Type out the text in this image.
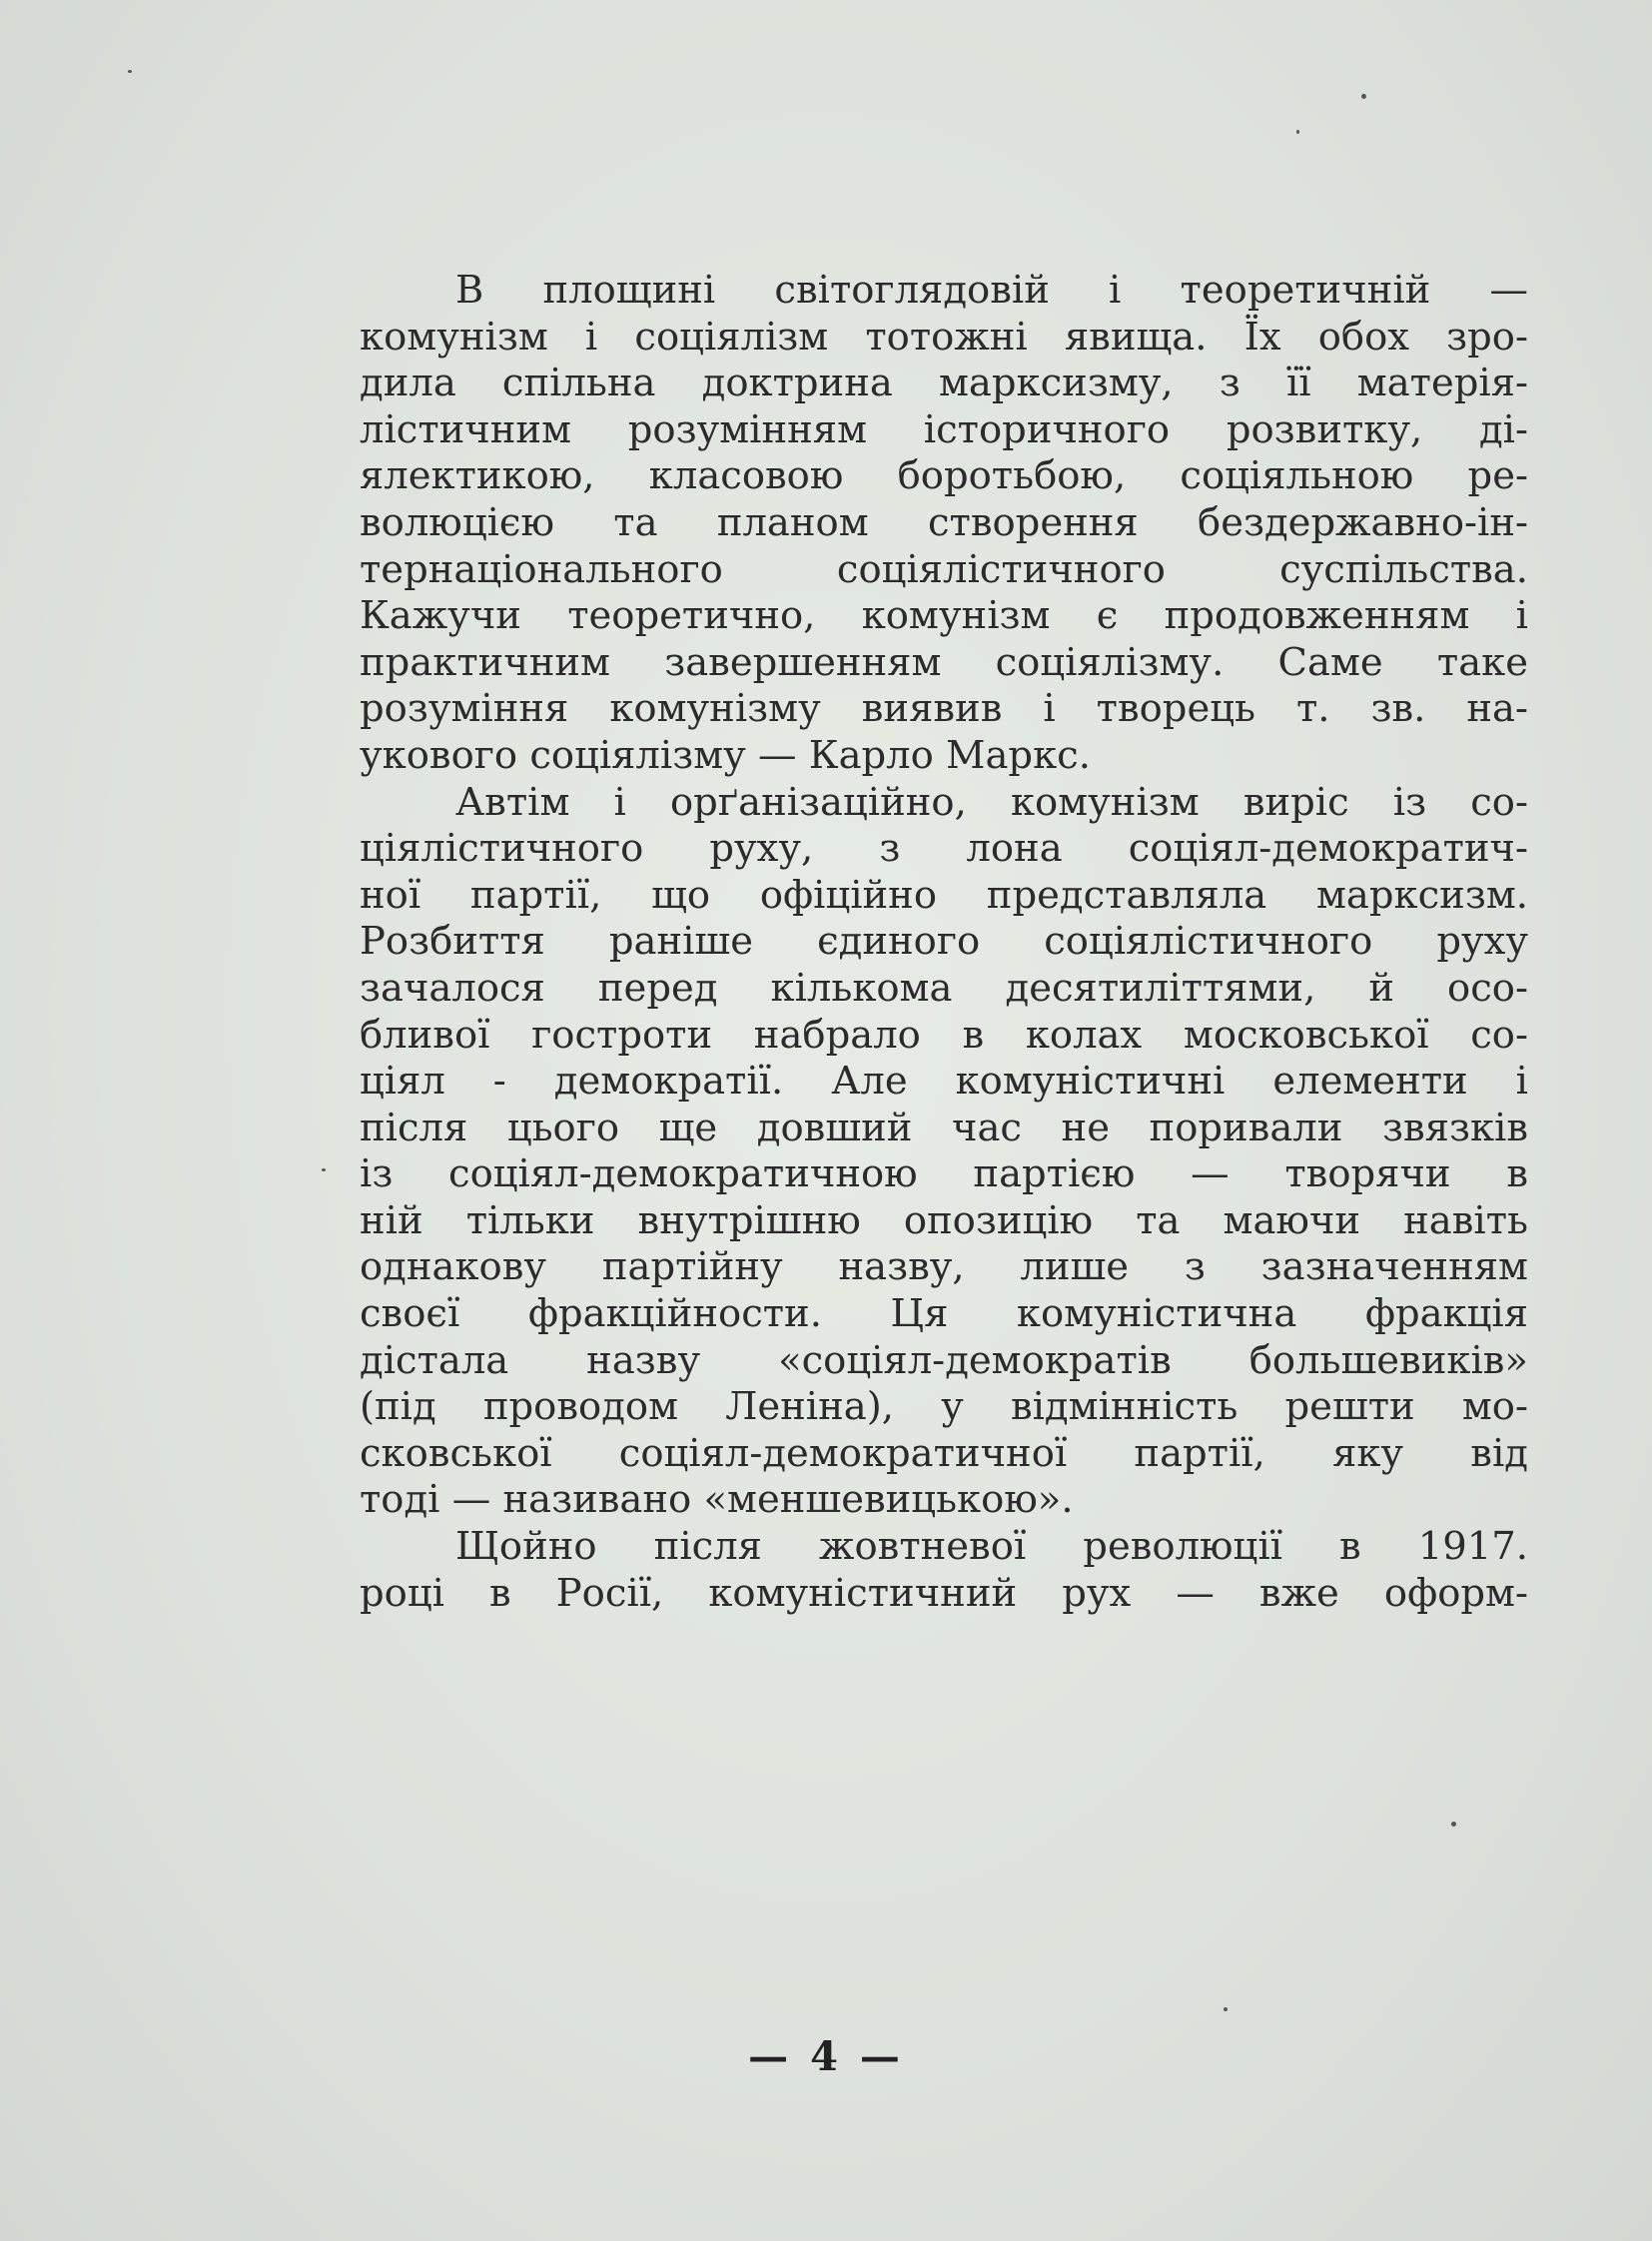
В площині світоглядовій і теоретичній —
комунізм і соціялізм тотожні явища. Їх обох зро-
дила спільна доктрина марксизму, з її матерія-
лістичним розумінням історичного розвитку, ді-
ялектикою, класовою боротьбою, соціяльною ре-
волюцією та планом створення бездержавно-ін-
тернаціонального соціялістичного суспільства.
Кажучи теоретично, комунізм є продовженням і
практичним завершенням соціялізму. Саме таке
розуміння комунізму виявив і творець т. зв. на-
укового соціялізму — Карло Маркс.
Автім і орґанізаційно, комунізм виріс із со-
ціялістичного руху, з лона соціял-демократич-
ної партії, що офіційно представляла марксизм.
Розбиття раніше єдиного соціялістичного руху
зачалося перед кількома десятиліттями, й осо-
бливої гостроти набрало в колах московської со-
ціял - демократії. Але комуністичні елементи і
після цього ще довший час не поривали звязків
із соціял-демократичною партією — творячи в
ній тільки внутрішню опозицію та маючи навіть
однакову партійну назву, лише з зазначенням
своєї фракційности. Ця комуністична фракція
дістала назву «соціял-демократів большевиків»
(під проводом Леніна), у відмінність решти мо-
сковської соціял-демократичної партії, яку від
тоді — називано «меншевицькою».
Щойно після жовтневої революції в 1917.
році в Росії, комуністичний рух — вже оформ-
— 4 —
